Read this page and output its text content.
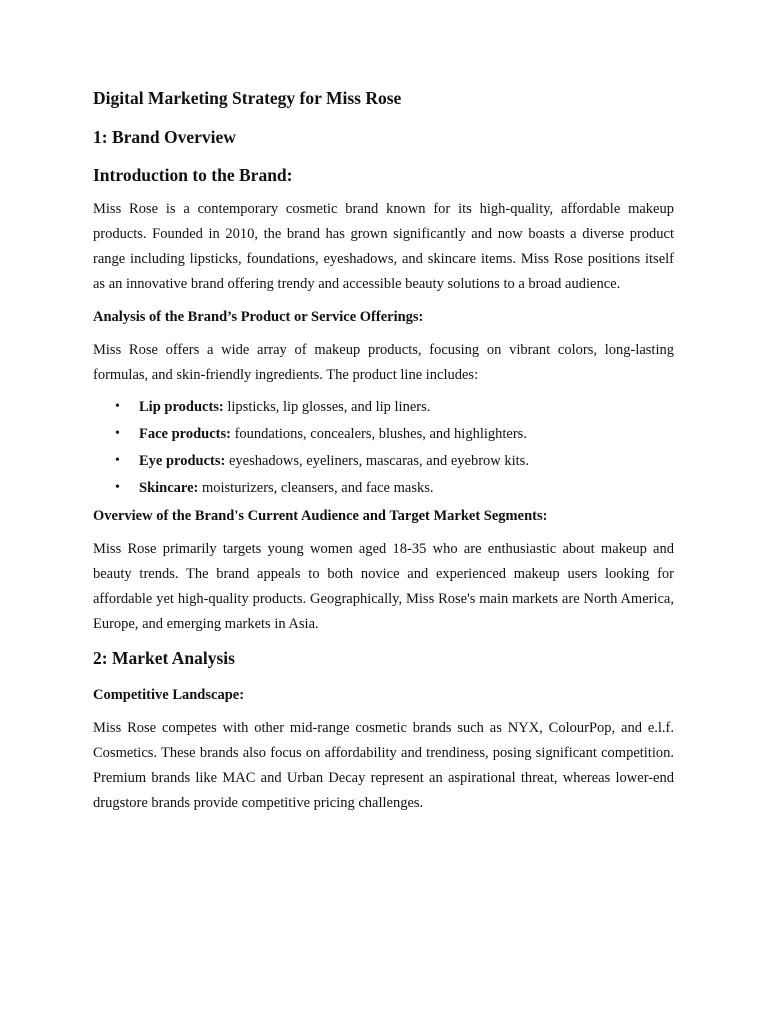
Digital Marketing Strategy for Miss Rose
1: Brand Overview
Introduction to the Brand:

Miss Rose is a contemporary cosmetic brand known for its high-quality, affordable makeup products. Founded in 2010, the brand has grown significantly and now boasts a diverse product range including lipsticks, foundations, eyeshadows, and skincare items. Miss Rose positions itself as an innovative brand offering trendy and accessible beauty solutions to a broad audience.

Analysis of the Brand’s Product or Service Offerings:

Miss Rose offers a wide array of makeup products, focusing on vibrant colors, long-lasting formulas, and skin-friendly ingredients. The product line includes:

• Lip products: lipsticks, lip glosses, and lip liners.
• Face products: foundations, concealers, blushes, and highlighters.
• Eye products: eyeshadows, eyeliners, mascaras, and eyebrow kits.
• Skincare: moisturizers, cleansers, and face masks.
Overview of the Brand's Current Audience and Target Market Segments:

Miss Rose primarily targets young women aged 18-35 who are enthusiastic about makeup and beauty trends. The brand appeals to both novice and experienced makeup users looking for affordable yet high-quality products. Geographically, Miss Rose's main markets are North America, Europe, and emerging markets in Asia.

2: Market Analysis
Competitive Landscape:

Miss Rose competes with other mid-range cosmetic brands such as NYX, ColourPop, and e.l.f. Cosmetics. These brands also focus on affordability and trendiness, posing significant competition. Premium brands like MAC and Urban Decay represent an aspirational threat, whereas lower-end drugstore brands provide competitive pricing challenges.
